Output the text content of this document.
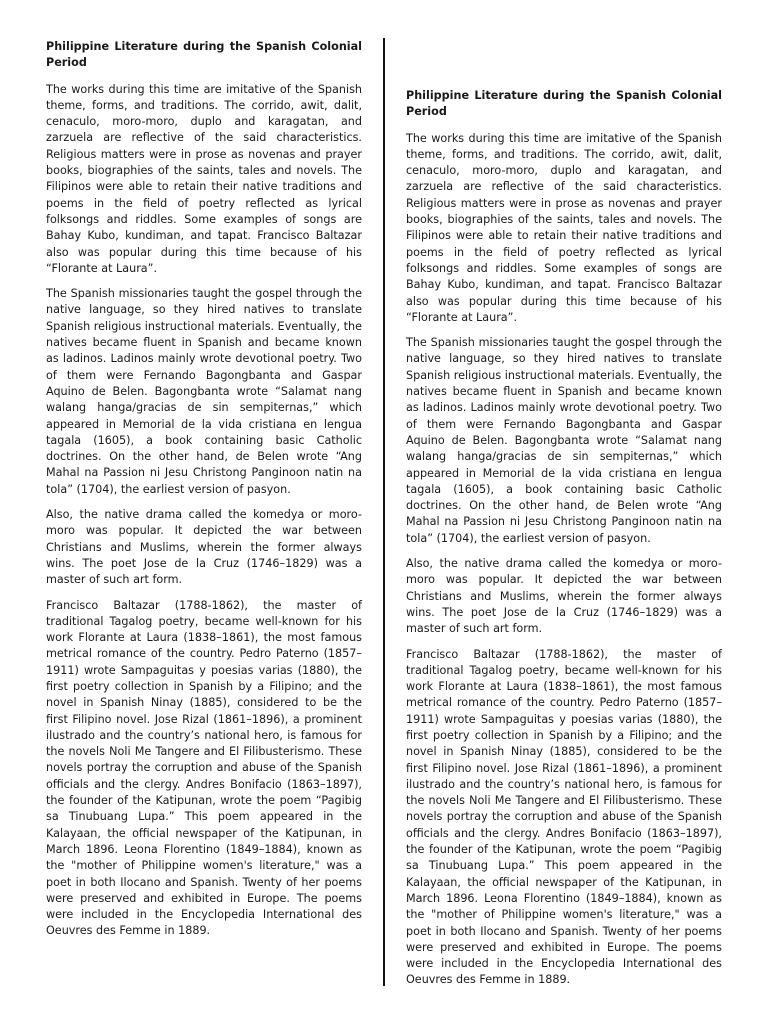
Philippine Literature during the Spanish Colonial Period

The works during this time are imitative of the Spanish theme, forms, and traditions. The corrido, awit, dalit, cenaculo, moro-moro, duplo and karagatan, and zarzuela are reflective of the said characteristics. Religious matters were in prose as novenas and prayer books, biographies of the saints, tales and novels. The Filipinos were able to retain their native traditions and poems in the field of poetry reflected as lyrical folksongs and riddles. Some examples of songs are Bahay Kubo, kundiman, and tapat. Francisco Baltazar also was popular during this time because of his “Florante at Laura”.

The Spanish missionaries taught the gospel through the native language, so they hired natives to translate Spanish religious instructional materials. Eventually, the natives became fluent in Spanish and became known as ladinos. Ladinos mainly wrote devotional poetry. Two of them were Fernando Bagongbanta and Gaspar Aquino de Belen. Bagongbanta wrote “Salamat nang walang hanga/gracias de sin sempiternas,” which appeared in Memorial de la vida cristiana en lengua tagala (1605), a book containing basic Catholic doctrines. On the other hand, de Belen wrote “Ang Mahal na Passion ni Jesu Christong Panginoon natin na tola” (1704), the earliest version of pasyon.

Also, the native drama called the komedya or moro-moro was popular. It depicted the war between Christians and Muslims, wherein the former always wins. The poet Jose de la Cruz (1746–1829) was a master of such art form.

Francisco Baltazar (1788-1862), the master of traditional Tagalog poetry, became well-known for his work Florante at Laura (1838–1861), the most famous metrical romance of the country. Pedro Paterno (1857–1911) wrote Sampaguitas y poesias varias (1880), the first poetry collection in Spanish by a Filipino; and the novel in Spanish Ninay (1885), considered to be the first Filipino novel. Jose Rizal (1861–1896), a prominent ilustrado and the country’s national hero, is famous for the novels Noli Me Tangere and El Filibusterismo. These novels portray the corruption and abuse of the Spanish officials and the clergy. Andres Bonifacio (1863–1897), the founder of the Katipunan, wrote the poem “Pagibig sa Tinubuang Lupa.” This poem appeared in the Kalayaan, the official newspaper of the Katipunan, in March 1896. Leona Florentino (1849–1884), known as the "mother of Philippine women's literature," was a poet in both Ilocano and Spanish. Twenty of her poems were preserved and exhibited in Europe. The poems were included in the Encyclopedia International des Oeuvres des Femme in 1889.

Philippine Literature during the Spanish Colonial Period

The works during this time are imitative of the Spanish theme, forms, and traditions. The corrido, awit, dalit, cenaculo, moro-moro, duplo and karagatan, and zarzuela are reflective of the said characteristics. Religious matters were in prose as novenas and prayer books, biographies of the saints, tales and novels. The Filipinos were able to retain their native traditions and poems in the field of poetry reflected as lyrical folksongs and riddles. Some examples of songs are Bahay Kubo, kundiman, and tapat. Francisco Baltazar also was popular during this time because of his “Florante at Laura”.

The Spanish missionaries taught the gospel through the native language, so they hired natives to translate Spanish religious instructional materials. Eventually, the natives became fluent in Spanish and became known as ladinos. Ladinos mainly wrote devotional poetry. Two of them were Fernando Bagongbanta and Gaspar Aquino de Belen. Bagongbanta wrote “Salamat nang walang hanga/gracias de sin sempiternas,” which appeared in Memorial de la vida cristiana en lengua tagala (1605), a book containing basic Catholic doctrines. On the other hand, de Belen wrote “Ang Mahal na Passion ni Jesu Christong Panginoon natin na tola” (1704), the earliest version of pasyon.

Also, the native drama called the komedya or moro-moro was popular. It depicted the war between Christians and Muslims, wherein the former always wins. The poet Jose de la Cruz (1746–1829) was a master of such art form.

Francisco Baltazar (1788-1862), the master of traditional Tagalog poetry, became well-known for his work Florante at Laura (1838–1861), the most famous metrical romance of the country. Pedro Paterno (1857–1911) wrote Sampaguitas y poesias varias (1880), the first poetry collection in Spanish by a Filipino; and the novel in Spanish Ninay (1885), considered to be the first Filipino novel. Jose Rizal (1861–1896), a prominent ilustrado and the country’s national hero, is famous for the novels Noli Me Tangere and El Filibusterismo. These novels portray the corruption and abuse of the Spanish officials and the clergy. Andres Bonifacio (1863–1897), the founder of the Katipunan, wrote the poem “Pagibig sa Tinubuang Lupa.” This poem appeared in the Kalayaan, the official newspaper of the Katipunan, in March 1896. Leona Florentino (1849–1884), known as the "mother of Philippine women's literature," was a poet in both Ilocano and Spanish. Twenty of her poems were preserved and exhibited in Europe. The poems were included in the Encyclopedia International des Oeuvres des Femme in 1889.
